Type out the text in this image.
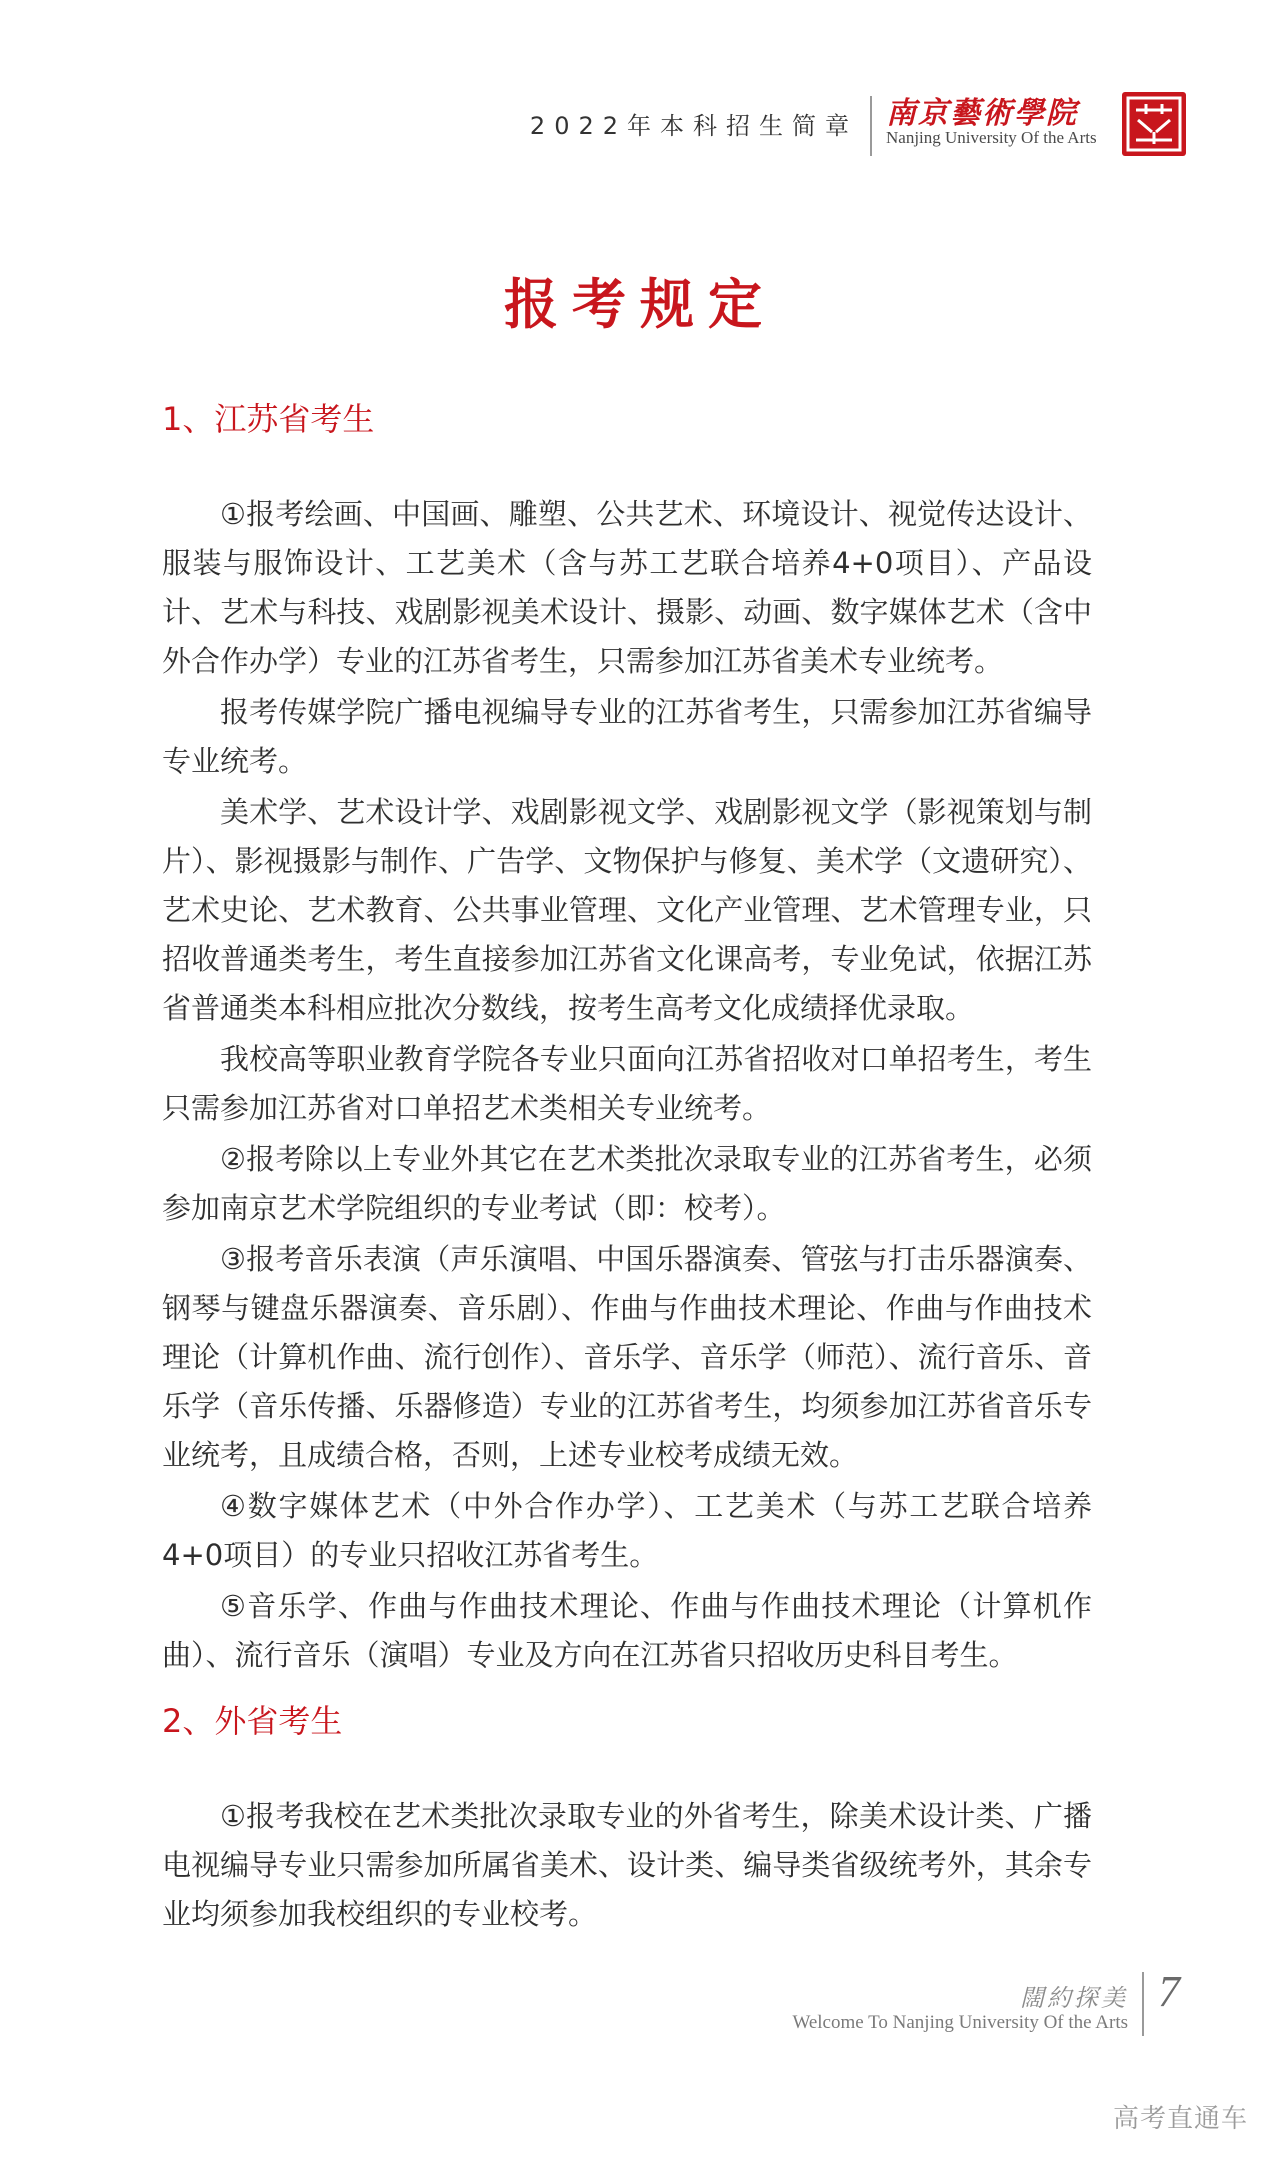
2022年本科招生简章 南京藝術學院
Nanjing University Of the Arts
报考规定
1、江苏省考生

①报考绘画、中国画、雕塑、公共艺术、环境设计、视觉传达设计、服装与服饰设计、工艺美术（含与苏工艺联合培养4+0项目）、产品设计、艺术与科技、戏剧影视美术设计、摄影、动画、数字媒体艺术（含中外合作办学）专业的江苏省考生，只需参加江苏省美术专业统考。

报考传媒学院广播电视编导专业的江苏省考生，只需参加江苏省编导专业统考。

美术学、艺术设计学、戏剧影视文学、戏剧影视文学（影视策划与制片）、影视摄影与制作、广告学、文物保护与修复、美术学（文遗研究）、艺术史论、艺术教育、公共事业管理、文化产业管理、艺术管理专业，只招收普通类考生，考生直接参加江苏省文化课高考，专业免试，依据江苏省普通类本科相应批次分数线，按考生高考文化成绩择优录取。

我校高等职业教育学院各专业只面向江苏省招收对口单招考生，考生只需参加江苏省对口单招艺术类相关专业统考。

②报考除以上专业外其它在艺术类批次录取专业的江苏省考生，必须参加南京艺术学院组织的专业考试（即：校考）。

③报考音乐表演（声乐演唱、中国乐器演奏、管弦与打击乐器演奏、钢琴与键盘乐器演奏、音乐剧）、作曲与作曲技术理论、作曲与作曲技术理论（计算机作曲、流行创作）、音乐学、音乐学（师范）、流行音乐、音乐学（音乐传播、乐器修造）专业的江苏省考生，均须参加江苏省音乐专业统考，且成绩合格，否则，上述专业校考成绩无效。

④数字媒体艺术（中外合作办学）、工艺美术（与苏工艺联合培养4+0项目）的专业只招收江苏省考生。

⑤音乐学、作曲与作曲技术理论、作曲与作曲技术理论（计算机作曲）、流行音乐（演唱）专业及方向在江苏省只招收历史科目考生。

2、外省考生

①报考我校在艺术类批次录取专业的外省考生，除美术设计类、广播电视编导专业只需参加所属省美术、设计类、编导类省级统考外，其余专业均须参加我校组织的专业校考。

闊約探美
Welcome To Nanjing University Of the Arts
7
高考直通车
